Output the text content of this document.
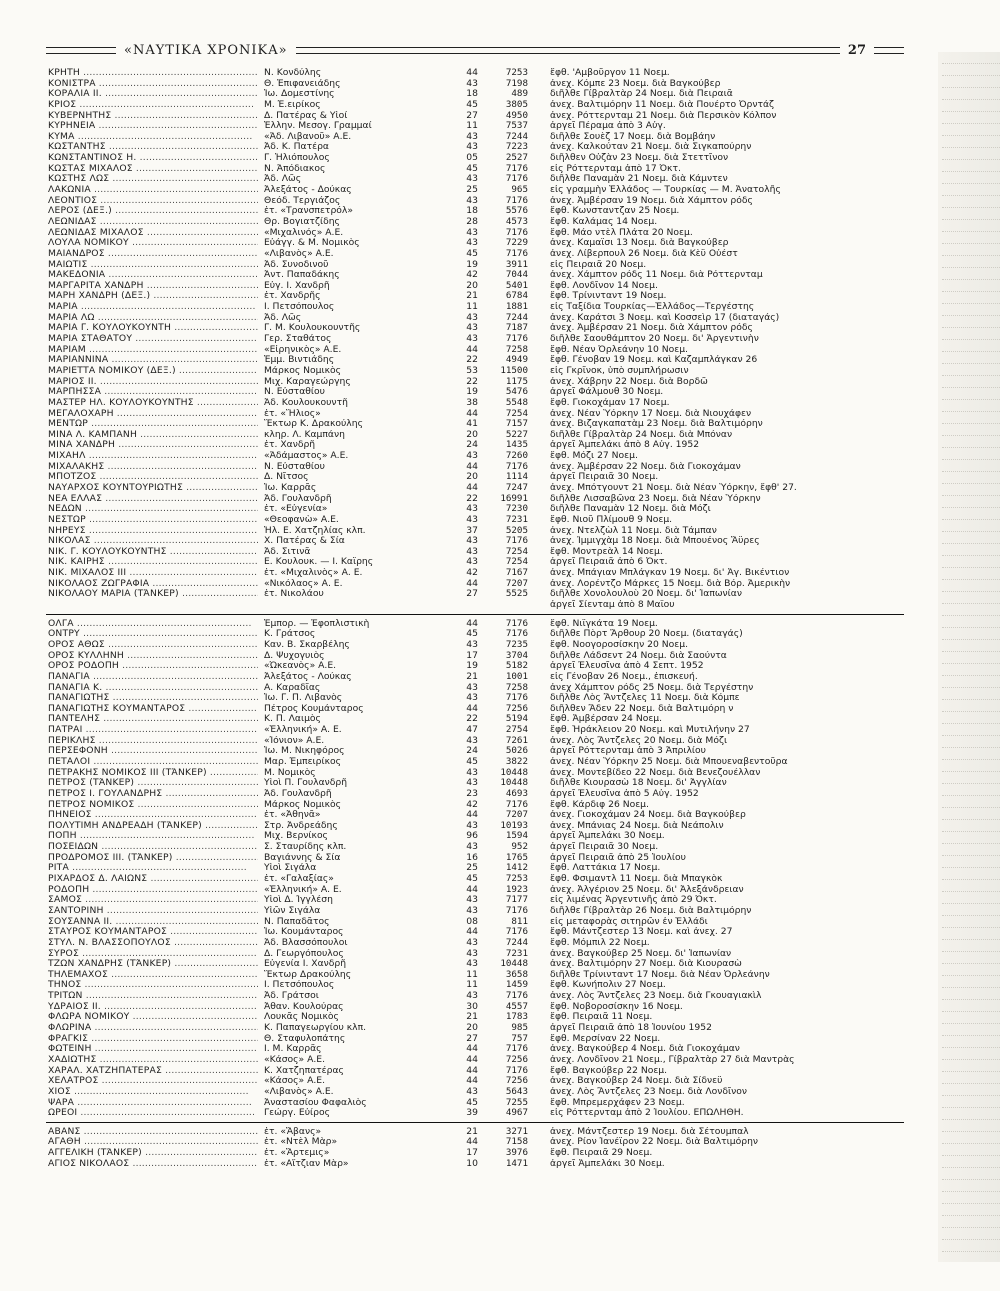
«ΝΑΥΤΙΚΑ ΧΡΟΝΙΚΑ»	27
ΚΡΗΤΗ .....	Ν. Κονδύλης	44	7253	ἔφθ. 'Αμβοῦργον 11 Νοεμ.
ΚΟΝΙΣΤΡΑ .....	Θ. Ἐπιφανειάδης	43	7198	ἀνεχ. Κόμπε 23 Νοεμ. διὰ Βαγκούβερ
ΚΟΡΑΛΙΑ ΙΙ. .....	Ἰω. Δομεστίνης	18	489	διῆλθε Γίβραλτὰρ 24 Νοεμ. διὰ Πειραιᾶ
ΚΡΙΟΣ .....	Μ. Ἐ.ειρίκος	45	3805	ἀνεχ. Βαλτιμόρην 11 Νοεμ. διὰ Πουέρτο Ὀρντάζ
ΚΥΒΕΡΝΗΤΗΣ .....	Δ. Πατέρας & Υἱοί	27	4950	ἀνεχ. Ρόττερνταμ 21 Νοεμ. διὰ Περσικὸν Κόλπον
ΚΥΡΗΝΕΙΑ .....	Ἑλλην. Μεσογ. Γραμμαί	11	7537	ἀργεῖ Πέραμα ἀπὸ 3 Αὐγ.
ΚΥΜΑ .....	«Ἀδ. Λιβανοῦ» Α.Ε.	43	7244	διῆλθε Σουὲζ 17 Νοεμ. διὰ Βομβάην
ΚΩΣΤΑΝΤΗΣ .....	Ἀδ. Κ. Πατέρα	43	7223	ἀνεχ. Καλκούταν 21 Νοεμ. διὰ Σιγκαπούρην
ΚΩΝΣΤΑΝΤΙΝΟΣ Η. .....	Γ. Ἠλιόπουλος	05	2527	διῆλθεν Οὐζὰν 23 Νοεμ. διὰ Στεττῖνον
ΚΩΣΤΑΣ ΜΙΧΑΛΟΣ .....	Ν. Ἀπόδιακος	45	7176	εἰς Ρόττερνταμ ἀπὸ 17 Ὀκτ.
ΚΩΣΤΗΣ ΛΩΣ .....	Ἀδ. Λῶς	43	7176	διῆλθε Παναμὰν 21 Νοεμ. διὰ Κάμντεν
ΛΑΚΩΝΙΑ .....	Ἀλεξάτος - Δούκας	25	965	εἰς γραμμὴν Ἑλλάδος — Τουρκίας — Μ. Ἀνατολῆς
ΛΕΟΝΤΙΟΣ .....	Θεόδ. Τεργιάζος	43	7176	ἀνεχ. Ἀμβέρσαν 19 Νοεμ. διὰ Χάμπτον ρόδς
ΛΕΡΟΣ (ΔΕΞ.) .....	ἑτ. «Τρανσπετρόλ»	18	5576	ἔφθ. Κωνσταντζαν 25 Νοεμ.
ΛΕΩΝΙΔΑΣ .....	Θρ. Βογιατζίδης	28	4573	ἔφθ. Καλάμας 14 Νοεμ.
ΛΕΩΝΙΔΑΣ ΜΙΧΑΛΟΣ .....	«Μιχαλινός» Α.Ε.	43	7176	ἔφθ. Μάο ντὲλ Πλάτα 20 Νοεμ.
ΛΟΥΛΑ ΝΟΜΙΚΟΥ .....	Εὐάγγ. & Μ. Νομικὸς	43	7229	ἀνεχ. Καμαΐσι 13 Νοεμ. διὰ Βαγκούβερ
ΜΑΙΑΝΔΡΟΣ .....	«Λιβανὸς» Α.Ε.	45	7176	ἀνεχ. Λίβερπουλ 26 Νοεμ. διὰ Κὲϋ Οὐέστ
ΜΑΙΩΤΙΣ .....	Ἀδ. Συνοδινοῦ	19	3911	εἰς Πειραιᾶ 20 Νοεμ.
ΜΑΚΕΔΟΝΙΑ .....	Ἀντ. Παπαδάκης	42	7044	ἀνεχ. Χάμπτον ρόδς 11 Νοεμ. διὰ Ρόττερνταμ
ΜΑΡΓΑΡΙΤΑ ΧΑΝΔΡΗ .....	Εὐγ. Ι. Χανδρῆ	20	5401	ἔφθ. Λονδῖνον 14 Νοεμ.
ΜΑΡΗ ΧΑΝΔΡΗ (ΔΕΞ.) .....	ἑτ. Χανδρῆς	21	6784	ἔφθ. Τρίνινταντ 19 Νοεμ.
ΜΑΡΙΑ .....	Ι. Πετσόπουλος	11	1881	εἰς Ταξίδια Τουρκίας—Ἑλλάδος—Τεργέστης
ΜΑΡΙΑ ΛΩ .....	Ἀδ. Λῶς	43	7244	ἀνεχ. Καράτσι 3 Νοεμ. καὶ Κοσσεὶρ 17 (διαταγάς)
ΜΑΡΙΑ Γ. ΚΟΥΛΟΥΚΟΥΝΤΗ .....	Γ. Μ. Κουλουκουντῆς	43	7187	ἀνεχ. Ἀμβέρσαν 21 Νοεμ. διὰ Χάμπτον ρόδς
ΜΑΡΙΑ ΣΤΑΘΑΤΟΥ .....	Γερ. Σταθάτος	43	7176	διῆλθε Σαουθάμπτον 20 Νοεμ. δι' Ἀργεντινὴν
ΜΑΡΙΑΜ .....	«Εἰρηνικὸς» Α.Ε.	44	7258	ἔφθ. Νέαν Ὀρλεάνην 10 Νοεμ.
ΜΑΡΙΑΝΝΙΝΑ .....	Ἐμμ. Βιντιάδης	22	4949	ἔφθ. Γένοβαν 19 Νοεμ. καὶ Καζαμπλάγκαν 26
ΜΑΡΙΕΤΤΑ ΝΟΜΙΚΟΥ (ΔΕΞ.) .....	Μάρκος Νομικὸς	53	11500	εἰς Γκρῖνοκ, ὑπὸ συμπλήρωσιν
ΜΑΡΙΟΣ ΙΙ. .....	Μιχ. Καραγεώργης	22	1175	ἀνεχ. Χάβρην 22 Νοεμ. διὰ Βορδῶ
ΜΑΡΠΗΣΣΑ .....	Ν. Εὐσταθίου	19	5476	ἀργεῖ Φάλμουθ 30 Νοεμ.
ΜΑΣΤΕΡ ΗΛ. ΚΟΥΛΟΥΚΟΥΝΤΗΣ .....	Ἀδ. Κουλουκουντῆ	38	5548	ἔφθ. Γιοκοχάμαν 17 Νοεμ.
ΜΕΓΑΛΟΧΑΡΗ .....	ἑτ. «Ἥλιος»	44	7254	ἀνεχ. Νέαν Ὑόρκην 17 Νοεμ. διὰ Νιουχάφεν
ΜΕΝΤΩΡ .....	Ἕκτωρ Κ. Δρακούλης	41	7157	ἀνεχ. Βιζαγκαπατὰμ 23 Νοεμ. διὰ Βαλτιμόρην
ΜΙΝΑ Λ. ΚΑΜΠΑΝΗ .....	κληρ. Λ. Καμπάνη	20	5227	διῆλθε Γίβραλτὰρ 24 Νοεμ. διὰ Μπόναν
ΜΙΝΑ ΧΑΝΔΡΗ .....	ἑτ. Χανδρῆ	24	1435	ἀργεῖ Ἀμπελάκι ἀπὸ 8 Αὐγ. 1952
ΜΙΧΑΗΛ .....	«Ἀδάμαστος» Α.Ε.	43	7260	ἔφθ. Μόζι 27 Νοεμ.
ΜΙΧΑΛΑΚΗΣ .....	Ν. Εὐσταθίου	44	7176	ἀνεχ. Ἀμβέρσαν 22 Νοεμ. διὰ Γιοκοχάμαν
ΜΠΟΤΖΟΣ .....	Δ. Νῖτσος	20	1114	ἀργεῖ Πειραιᾶ 30 Νοεμ.
ΝΑΥΑΡΧΟΣ ΚΟΥΝΤΟΥΡΙΩΤΗΣ .....	Ἰω. Καρρᾶς	44	7247	ἀνεχ. Μπότγουντ 21 Νοεμ. διὰ Νέαν Ὑόρκην, ἔφθ' 27.
ΝΕΑ ΕΛΛΑΣ .....	Ἀδ. Γουλανδρῆ	22	16991	διῆλθε Λισσαβῶνα 23 Νοεμ. διὰ Νέαν Ὑόρκην
ΝΕΔΩΝ .....	ἑτ. «Εὐγενία»	43	7230	διῆλθε Παναμὰν 12 Νοεμ. διὰ Μόζι
ΝΕΣΤΩΡ .....	«Θεοφανὼ» Α.Ε.	43	7231	ἔφθ. Νιοῦ Πλίμουθ 9 Νοεμ.
ΝΗΡΕΥΣ .....	Ἠλ. Ε. Χατζηλίας κλπ.	37	5205	ἀνεχ. Ντελζὼλ 11 Νοεμ. διὰ Τάμπαν
ΝΙΚΟΛΑΣ .....	Χ. Πατέρας & Σία	43	7176	ἀνεχ. Ἰμμιγχὰμ 18 Νοεμ. διὰ Μπουένος Ἄϋρες
ΝΙΚ. Γ. ΚΟΥΛΟΥΚΟΥΝΤΗΣ .....	Ἀδ. Σιτινᾶ	43	7254	ἔφθ. Μοντρεὰλ 14 Νοεμ.
ΝΙΚ. ΚΑΙΡΗΣ .....	Ε. Κουλουκ. — Ι. Καΐρης	43	7254	ἀργεῖ Πειραιᾶ ἀπὸ 6 Ὀκτ.
ΝΙΚ. ΜΙΧΑΛΟΣ ΙΙΙ .....	ἑτ. «Μιχαλινὸς» Α. Ε.	42	7167	ἀνεχ. Μπάγιαν Μπλάγκαν 19 Νοεμ. δι' Ἀγ. Βικέντιον
ΝΙΚΟΛΑΟΣ ΖΩΓΡΑΦΙΑ .....	«Νικόλαος» Α. Ε.	44	7207	ἀνεχ. Λορέντζο Μάρκες 15 Νοεμ. διὰ Βόρ. Ἀμερικὴν
ΝΙΚΟΛΑΟΥ ΜΑΡΙΑ (ΤΆΝΚΕΡ) .....	ἑτ. Νικολάου	27	5525	διῆλθε Χονολουλοὺ 20 Νοεμ. δι' Ἰαπωνίαν
ἀργεῖ Σίενταμ ἀπὸ 8 Μαΐου
ΟΛΓΑ .....	Ἐμπορ. — Ἐφοπλιστικὴ	44	7176	ἔφθ. Νιϊγκάτα 19 Νοεμ.
ΟΝΤΡΥ .....	Κ. Γράτσος	45	7176	διῆλθε Πὸρτ Ἄρθουρ 20 Νοεμ. (διαταγάς)
ΟΡΟΣ ΑΘΩΣ .....	Καν. Β. Σκαρβέλης	43	7235	ἔφθ. Νοογοροσίσκην 20 Νοεμ.
ΟΡΟΣ ΚΥΛΛΗΝΗ .....	Δ. Ψυχογυιὸς	17	3704	διῆλθε Λάδσεντ 24 Νοεμ. διὰ Σαούντα
ΟΡΟΣ ΡΟΔΟΠΗ .....	«Ὠκεανὸς» Α.Ε.	19	5182	ἀργεῖ Ἐλευσῖνα ἀπὸ 4 Σεπτ. 1952
ΠΑΝΑΓΙΑ .....	Ἀλεξάτος - Λούκας	21	1001	εἰς Γένοβαν 26 Νοεμ., ἐπισκευή.
ΠΑΝΑΓΙΑ Κ. .....	Α. Καραδῖας	43	7258	ἀνεχ Χάμπτον ρόδς 25 Νοεμ. διὰ Τεργέστην
ΠΑΝΑΓΙΩΤΗΣ .....	Ἰω. Γ. Π. Λιβανὸς	43	7176	διῆλθε Λὸς Ἄντζελες 11 Νοεμ. διὰ Κόμπε
ΠΑΝΑΓΙΩΤΗΣ ΚΟΥΜΑΝΤΑΡΟΣ .....	Πέτρος Κουμάνταρος	44	7256	διῆλθεν Ἄδεν 22 Νοεμ. διὰ Βαλτιμόρη ν
ΠΑΝΤΕΛΗΣ .....	Κ. Π. Λαιμὸς	22	5194	ἔφθ. Ἀμβέρσαν 24 Νοεμ.
ΠΑΤΡΑΙ .....	«Ἑλληνική» Α. Ε.	47	2754	ἔφθ. Ἡράκλειον 20 Νοεμ. καὶ Μυτιλήνην 27
ΠΕΡΙΚΛΗΣ .....	«Ἰόνιον» Α.Ε.	43	7261	ἀνεχ. Λὸς Ἄντζελες 20 Νοεμ. διὰ Μόζι
ΠΕΡΣΕΦΟΝΗ .....	Ἰω. Μ. Νικηφόρος	24	5026	ἀργεῖ Ρόττερνταμ ἀπὸ 3 Ἀπριλίου
ΠΕΤΑΛΟΙ .....	Μαρ. Ἐμπειρίκος	45	3822	ἀνεχ. Νέαν Ὑόρκην 25 Νοεμ. διὰ Μπουεναβεντοῦρα
ΠΕΤΡΑΚΗΣ ΝΟΜΙΚΟΣ ΙΙΙ (ΤΆΝΚΕΡ) .....	Μ. Νομικὸς	43	10448	ἀνεχ. Μοντεβίδεο 22 Νοεμ. διὰ Βενεζουέλλαν
ΠΕΤΡΟΣ (ΤΆΝΚΕΡ) .....	Υἱοὶ Π. Γουλανδρῆ	43	10448	διῆλθε Κιουρασὼ 18 Νοεμ. δι' Ἀγγλίαν
ΠΕΤΡΟΣ Ι. ΓΟΥΛΑΝΔΡΗΣ .....	Ἀδ. Γουλανδρῆ	23	4693	ἀργεῖ Ἐλευσῖνα ἀπὸ 5 Αὐγ. 1952
ΠΕΤΡΟΣ ΝΟΜΙΚΟΣ .....	Μάρκος Νομικὸς	42	7176	ἔφθ. Κάρδιφ 26 Νοεμ.
ΠΗΝΕΙΟΣ .....	ἑτ. «Ἀθηνᾶ»	44	7207	ἀνεχ. Γιοκοχάμαν 24 Νοεμ. διὰ Βαγκούβερ
ΠΟΛΥΤΙΜΗ ΑΝΔΡΕΑΔΗ (ΤΆΝΚΕΡ) .....	Στρ. Ἀνδρεάδης	43	10193	ἀνεχ. Μπάνιας 24 Νοεμ. διὰ Νεάπολιν
ΠΟΠΗ .....	Μιχ. Βερνίκος	96	1594	ἀργεῖ Ἀμπελάκι 30 Νοεμ.
ΠΟΣΕΙΔΩΝ .....	Σ. Σταυρίδης κλπ.	43	952	ἀργεῖ Πειραιᾶ 30 Νοεμ.
ΠΡΟΔΡΟΜΟΣ ΙΙΙ. (ΤΆΝΚΕΡ) .....	Βαγιάννης & Σία	16	1765	ἀργεῖ Πειραιᾶ ἀπὸ 25 Ἰουλίου
ΡΙΤΑ .....	Υἱοὶ Σιγάλα	25	1412	ἔφθ. Λαττάκια 17 Νοεμ.
ΡΙΧΑΡΔΟΣ Δ. ΛΑΙΩΝΣ .....	ἑτ. «Γαλαξίας»	45	7253	ἔφθ. Φσιμαντλ 11 Νοεμ. διὰ Μπαγκὸκ
ΡΟΔΟΠΗ .....	«Ἑλληνική» Α. Ε.	44	1923	ἀνεχ. Ἀλγέριον 25 Νοεμ. δι' Ἀλεξάνδρειαν
ΣΑΜΟΣ .....	Υἱοὶ Δ. Ἰγγλέση	43	7177	εἰς λιμένας Ἀργεντινῆς ἀπὸ 29 Ὀκτ.
ΣΑΝΤΟΡΙΝΗ .....	Υἱῶν Σιγάλα	43	7176	διῆλθε Γίβραλτὰρ 26 Νοεμ. διὰ Βαλτιμόρην
ΣΟΥΣΑΝΝΑ ΙΙ. .....	Ν. Παπαδᾶτος	08	811	εἰς μεταφορὰς σιτηρῶν ἐν Ἑλλάδι
ΣΤΑΥΡΟΣ ΚΟΥΜΑΝΤΑΡΟΣ .....	Ἰω. Κουμάνταρος	44	7176	ἔφθ. Μάντζεστερ 13 Νοεμ. καὶ ἀνεχ. 27
ΣΤΥΛ. Ν. ΒΛΑΣΣΟΠΟΥΛΟΣ .....	Ἀδ. Βλασσόπουλοι	43	7244	ἔφθ. Μόμπιλ 22 Νοεμ.
ΣΥΡΟΣ .....	Δ. Γεωργόπουλος	43	7231	ἀνεχ. Βαγκούβερ 25 Νοεμ. δι' Ἰαπωνίαν
ΤΖΩΝ ΧΑΝΔΡΗΣ (ΤΆΝΚΕΡ) .....	Εὐγενία Ι. Χανδρῆ	43	10448	ἀνεχ. Βαλτιμόρην 27 Νοεμ. διὰ Κιουρασὼ
ΤΗΛΕΜΑΧΟΣ .....	Ἕκτωρ Δρακούλης	11	3658	διῆλθε Τρίνινταντ 17 Νοεμ. διὰ Νέαν Ὀρλεάνην
ΤΗΝΟΣ .....	Ι. Πετσόπουλος	11	1459	ἔφθ. Κωνήπολιν 27 Νοεμ.
ΤΡΙΤΩΝ .....	Ἀδ. Γράτσοι	43	7176	ἀνεχ. Λὸς Ἄντζελες 23 Νοεμ. διὰ Γκουαγιακὶλ
ΥΔΡΑΙΟΣ ΙΙ. .....	Ἀθαν. Κουλούρας	30	4557	ἔφθ. Νοβοροσίσκην 16 Νοεμ.
ΦΛΩΡΑ ΝΟΜΙΚΟΥ .....	Λουκᾶς Νομικὸς	21	1783	ἔφθ. Πειραιᾶ 11 Νοεμ.
ΦΛΩΡΙΝΑ .....	Κ. Παπαγεωργίου κλπ.	20	985	ἀργεῖ Πειραιᾶ ἀπὸ 18 Ἰουνίου 1952
ΦΡΑΓΚΙΣ .....	Θ. Σταφυλοπάτης	27	757	ἔφθ. Μερσίναν 22 Νοεμ.
ΦΩΤΕΙΝΗ .....	Ι. Μ. Καρρᾶς	44	7176	ἀνεχ. Βαγκούβερ 4 Νοεμ. διὰ Γιοκοχάμαν
ΧΑΔΙΩΤΗΣ .....	«Κάσος» Α.Ε.	44	7256	ἀνεχ. Λονδῖνον 21 Νοεμ., Γίβραλτὰρ 27 διὰ Μαντρὰς
ΧΑΡΑΛ. ΧΑΤΖΗΠΑΤΕΡΑΣ .....	Κ. Χατζηπατέρας	44	7176	ἔφθ. Βαγκούβερ 22 Νοεμ.
ΧΕΛΑΤΡΟΣ .....	«Κάσος» Α.Ε.	44	7256	ἀνεχ. Βαγκούβερ 24 Νοεμ. διὰ Σίδνεϋ
ΧΙΟΣ .....	«Λιβανὸς» Α.Ε.	43	5643	ἀνεχ. Λὸς Ἄντζελες 23 Νοεμ. διὰ Λονδῖνον
ΨΑΡΑ .....	Ἀναστασίου Φαφαλιὸς	45	7255	ἔφθ. Μπρεμερχάφεν 23 Νοεμ.
ΩΡΕΟΙ .....	Γεώργ. Εὐίρος	39	4967	εἰς Ρόττερνταμ ἀπὸ 2 Ἰουλίου. ΕΠΩΛΗΘΗ.
ΑΒΑΝΣ .....	ἑτ. «Ἄβανς»	21	3271	ἀνεχ. Μάντζεστερ 19 Νοεμ. διὰ Σέτουμπαλ
ΑΓΑΘΗ .....	ἑτ. «Ντὲλ Μὰρ»	44	7158	ἀνεχ. Ρίον Ἰανέϊρον 22 Νοεμ. διὰ Βαλτιμόρην
ΑΓΓΕΛΙΚΗ (ΤΆΝΚΕΡ) .....	ἑτ. «Ἄρτεμις»	17	3976	ἔφθ. Πειραιᾶ 29 Νοεμ.
ΑΓΙΟΣ ΝΙΚΟΛΑΟΣ .....	ἑτ. «Αἴτζιαν Μὰρ»	10	1471	ἀργεῖ Ἀμπελάκι 30 Νοεμ.
